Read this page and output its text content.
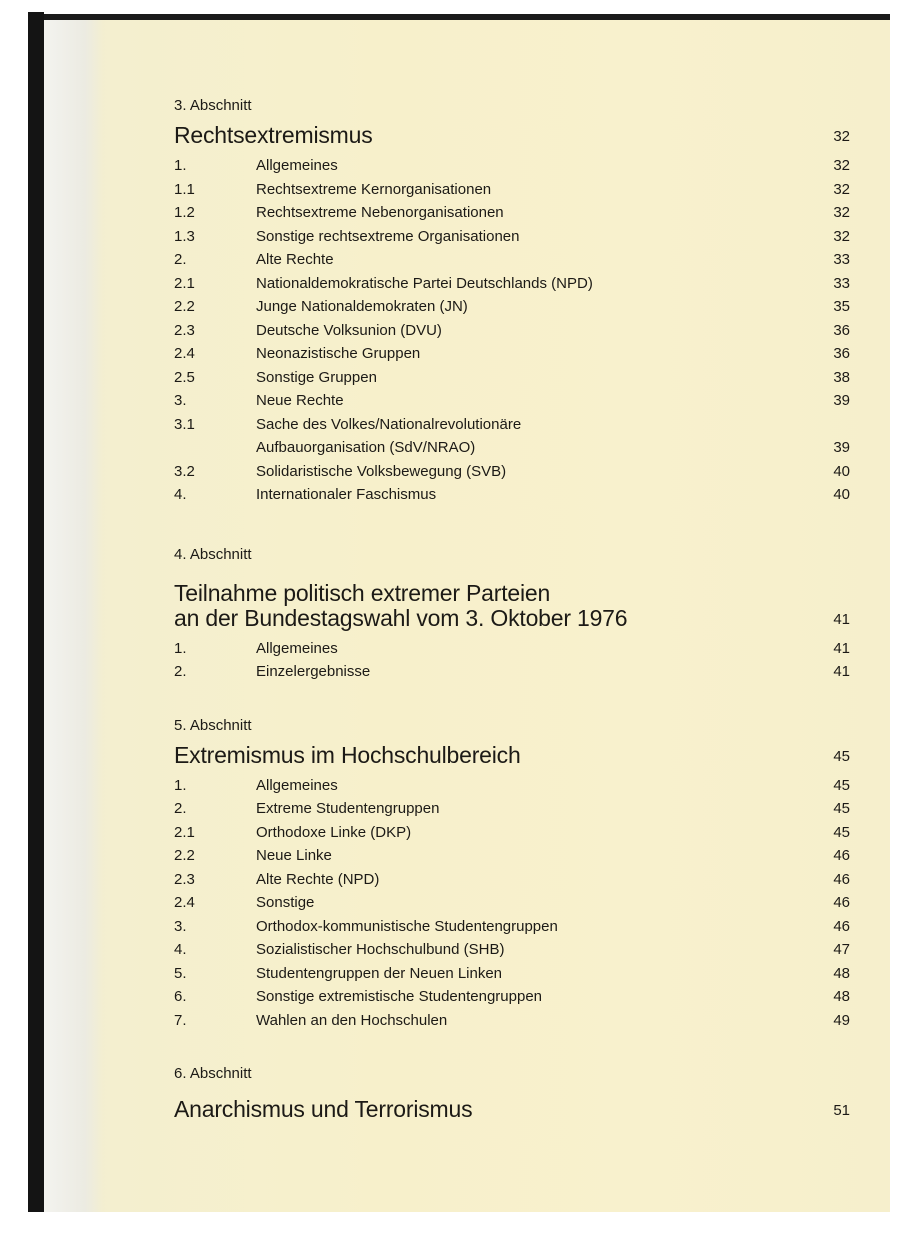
3. Abschnitt

Rechtsextremismus	32
1.	Allgemeines	32
1.1	Rechtsextreme Kernorganisationen	32
1.2	Rechtsextreme Nebenorganisationen	32
1.3	Sonstige rechtsextreme Organisationen	32
2.	Alte Rechte	33
2.1	Nationaldemokratische Partei Deutschlands (NPD)	33
2.2	Junge Nationaldemokraten (JN)	35
2.3	Deutsche Volksunion (DVU)	36
2.4	Neonazistische Gruppen	36
2.5	Sonstige Gruppen	38
3.	Neue Rechte	39
3.1	Sache des Volkes/Nationalrevolutionäre
Aufbauorganisation (SdV/NRAO)	39
3.2	Solidaristische Volksbewegung (SVB)	40
4.	Internationaler Faschismus	40

4. Abschnitt

Teilnahme politisch extremer Parteien
an der Bundestagswahl vom 3. Oktober 1976	41
1.	Allgemeines	41
2.	Einzelergebnisse	41

5. Abschnitt

Extremismus im Hochschulbereich	45
1.	Allgemeines	45
2.	Extreme Studentengruppen	45
2.1	Orthodoxe Linke (DKP)	45
2.2	Neue Linke	46
2.3	Alte Rechte (NPD)	46
2.4	Sonstige	46
3.	Orthodox-kommunistische Studentengruppen	46
4.	Sozialistischer Hochschulbund (SHB)	47
5.	Studentengruppen der Neuen Linken	48
6.	Sonstige extremistische Studentengruppen	48
7.	Wahlen an den Hochschulen	49

6. Abschnitt

Anarchismus und Terrorismus	51
